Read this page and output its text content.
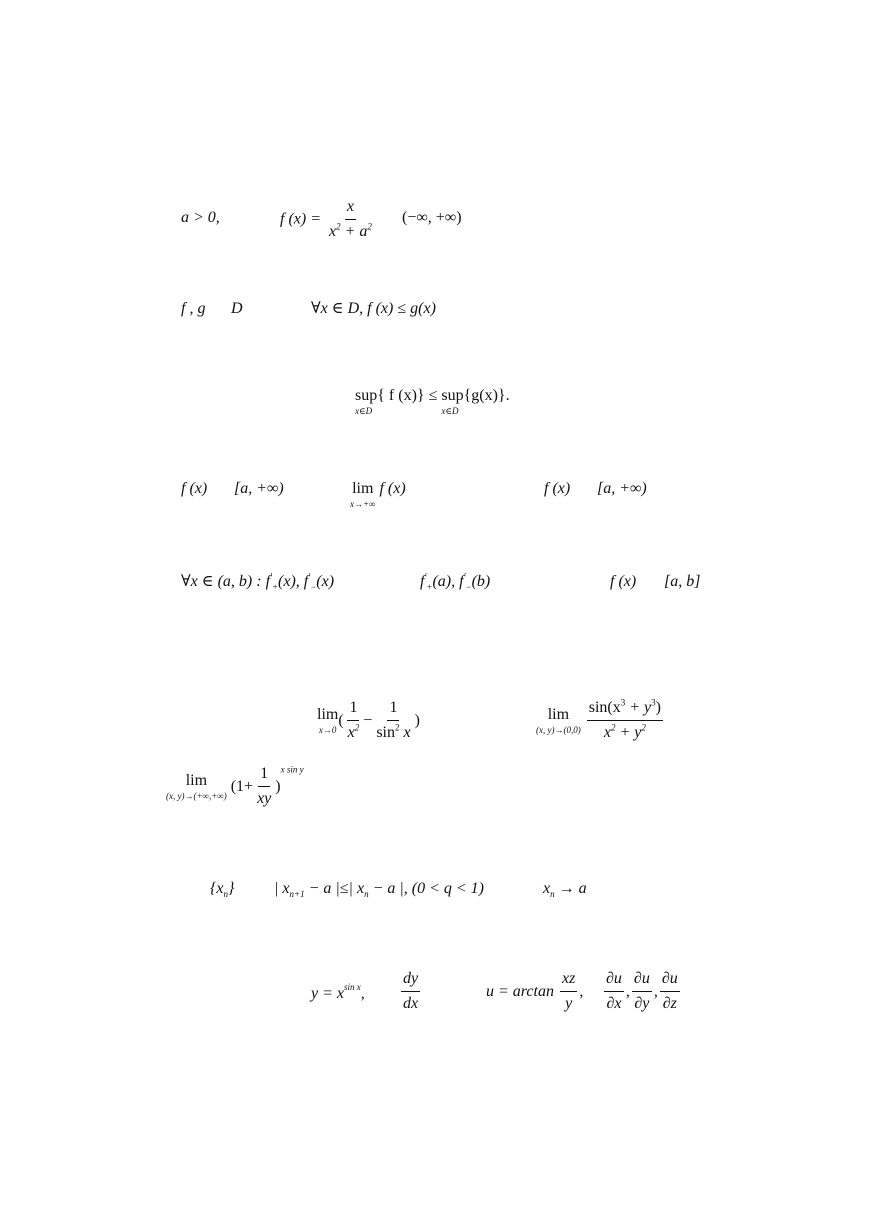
a > 0,	f $(x) = \frac{x}{x^2 + a^2}$ (−∞, +∞)
f , g D	∀x ∈ D, f (x) ≤ g(x)
sup{ f (x)}
x∈D
≤ sup{g(x)}.
x∈D
f (x) [a, +∞)	lim
x→+∞
f (x)	f (x) [a, +∞)
∀x ∈ (a, b) : $f'_+(x)$, $f'_-(x)$	$f'_+(a)$, $f'_-(b)$	f (x) [a, b]
lim
x→0
( $\frac{1}{x^2} - \frac{1}{\sin^2 x}$ )	lim
(x, y)→(0,0)
$\frac{\sin(x^3 + y^3)}{x^2 + y^2}$
lim
(x, y)→(+∞,+∞)
$(1+ \frac{1}{xy} )^{x sin y}$
$\{x_n\}$ | $x_{n+1} - a$ |≤| $x_n - a$ |, (0 < q < 1)	$x_n \to a$
$y = x^{sin x}$, $\frac{dy}{dx}$	$u = \arctan \frac{xz}{y}$ , $\frac{\partial u}{\partial x}$ , $\frac{\partial u}{\partial y}$ , $\frac{\partial u}{\partial z}$
